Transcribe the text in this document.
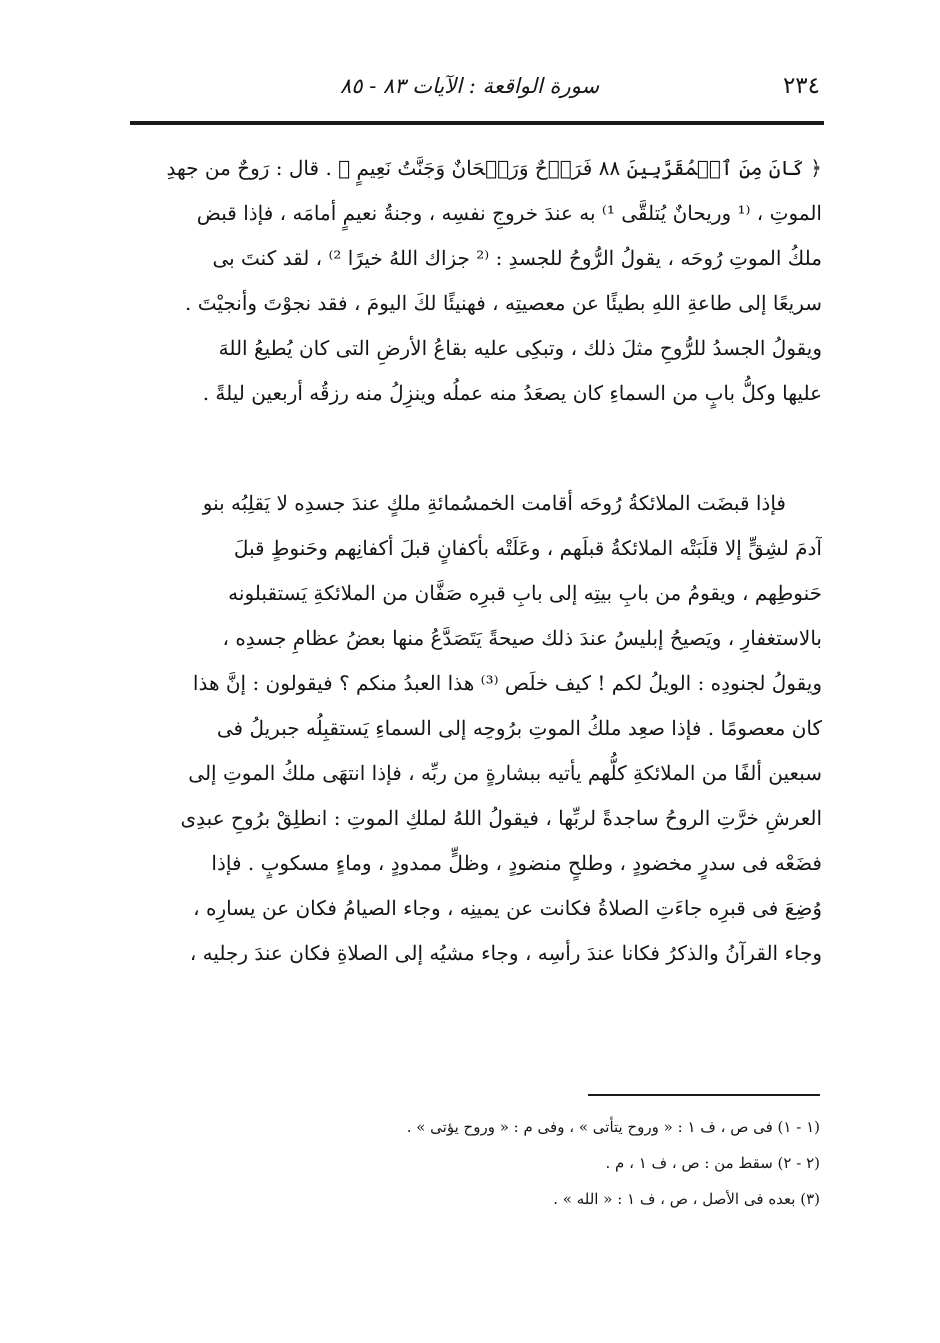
٢٣٤
سورة الواقعة : الآيات ٨٣ - ٨٥
﴿ كَانَ مِنَ ٱلۡمُقَرَّبِينَ ٨٨ فَرَوۡحٌ وَرَيۡحَانٌ وَجَنَّتُ نَعِيمٍ ﴾ . قال : رَوحٌ من جهدِ
الموتِ ، ⁽¹ وريحانٌ يُتلقَّى ¹⁾ به عندَ خروجِ نفسِه ، وجنةُ نعيمٍ أمامَه ، فإذا قبض
ملكُ الموتِ رُوحَه ، يقولُ الرُّوحُ للجسدِ : ⁽² جزاك اللهُ خيرًا ²⁾ ، لقد كنتَ بى
سريعًا إلى طاعةِ اللهِ بطيئًا عن معصيتِه ، فهنيئًا لكَ اليومَ ، فقد نجوْتَ وأنجيْتَ .
ويقولُ الجسدُ للرُّوحِ مثلَ ذلك ، وتبكِى عليه بقاعُ الأرضِ التى كان يُطيعُ اللهَ
عليها وكلُّ بابٍ من السماءِ كان يصعَدُ منه عملُه وينزِلُ منه رزقُه أربعين ليلةً .
فإذا قبضَت الملائكةُ رُوحَه أقامت الخمسُمائةِ ملكٍ عندَ جسدِه لا يَقلِبُه بنو
آدمَ لشِقٍّ إلا قلَبَتْه الملائكةُ قبلَهم ، وعَلَتْه بأكفانٍ قبلَ أكفانِهم وحَنوطٍ قبلَ
حَنوطِهم ، ويقومُ من بابِ بيتِه إلى بابِ قبرِه صَفَّان من الملائكةِ يَستقبلونه
بالاستغفارِ ، ويَصيحُ إبليسُ عندَ ذلك صيحةً يَتَصَدَّعُ منها بعضُ عظامِ جسدِه ،
ويقولُ لجنودِه : الويلُ لكم ! كيف خلَص ⁽³⁾ هذا العبدُ منكم ؟ فيقولون : إنَّ هذا
كان معصومًا . فإذا صعِد ملكُ الموتِ برُوحِه إلى السماءِ يَستقبِلُه جبريلُ فى
سبعين ألفًا من الملائكةِ كلُّهم يأتيه ببشارةٍ من ربِّه ، فإذا انتهَى ملكُ الموتِ إلى
العرشِ خرَّتِ الروحُ ساجدةً لربِّها ، فيقولُ اللهُ لملكِ الموتِ : انطلِقْ برُوحِ عبدِى
فضَعْه فى سدرٍ مخضودٍ ، وطلحٍ منضودٍ ، وظلٍّ ممدودٍ ، وماءٍ مسكوبٍ . فإذا
وُضِعَ فى قبرِه جاءَتِ الصلاةُ فكانت عن يمينِه ، وجاء الصيامُ فكان عن يسارِه ،
وجاء القرآنُ والذكرُ فكانا عندَ رأسِه ، وجاء مشيُه إلى الصلاةِ فكان عندَ رجليه ،
(١ - ١) فى ص ، ف ١ : « وروح يتأتى » ، وفى م : « وروح يؤتى » .
(٢ - ٢) سقط من : ص ، ف ١ ، م .
(٣) بعده فى الأصل ، ص ، ف ١ : « الله » .
